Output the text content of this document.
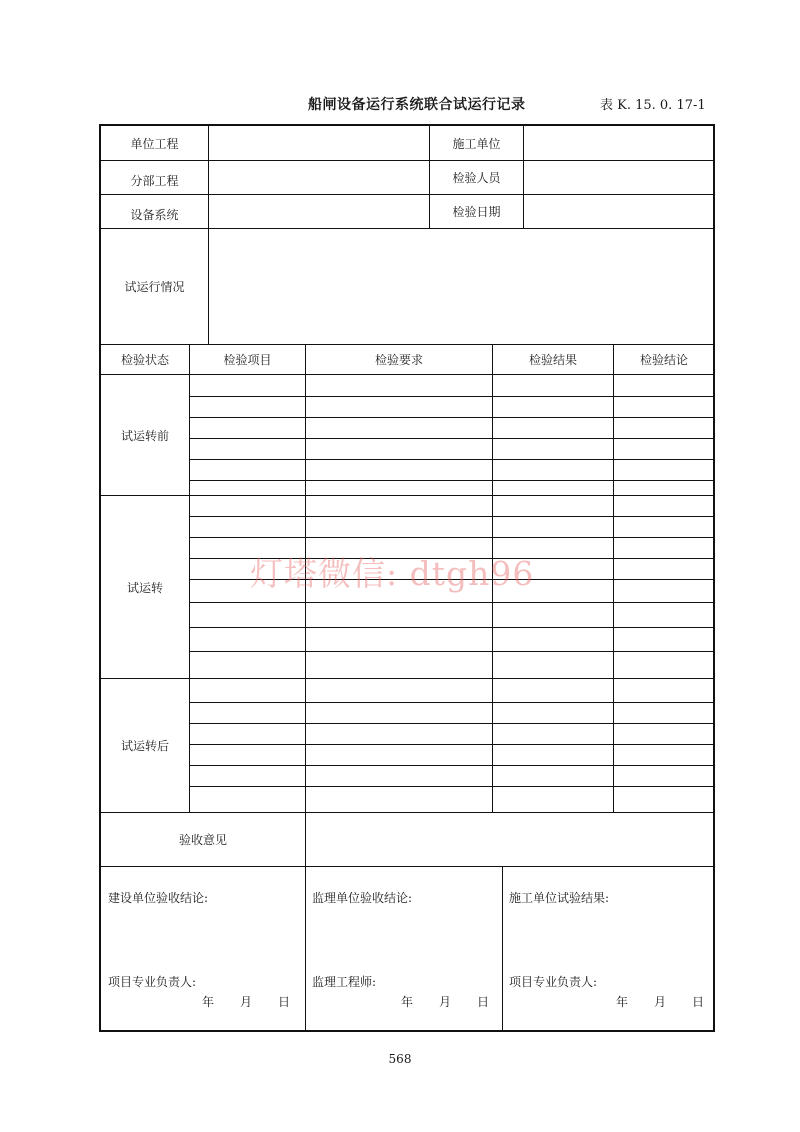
船闸设备运行系统联合试运行记录	表 K. 15. 0. 17-1
单位工程	施工单位
分部工程	检验人员
设备系统	检验日期
试运行情况
检验状态	检验项目	检验要求	检验结果	检验结论
试运转前
试运转
试运转后
验收意见
建设单位验收结论:
项目专业负责人:
年 月 日
监理单位验收结论:
监理工程师:
年 月 日
施工单位试验结果:
项目专业负责人:
年 月 日
灯塔微信: dtgh96
568
